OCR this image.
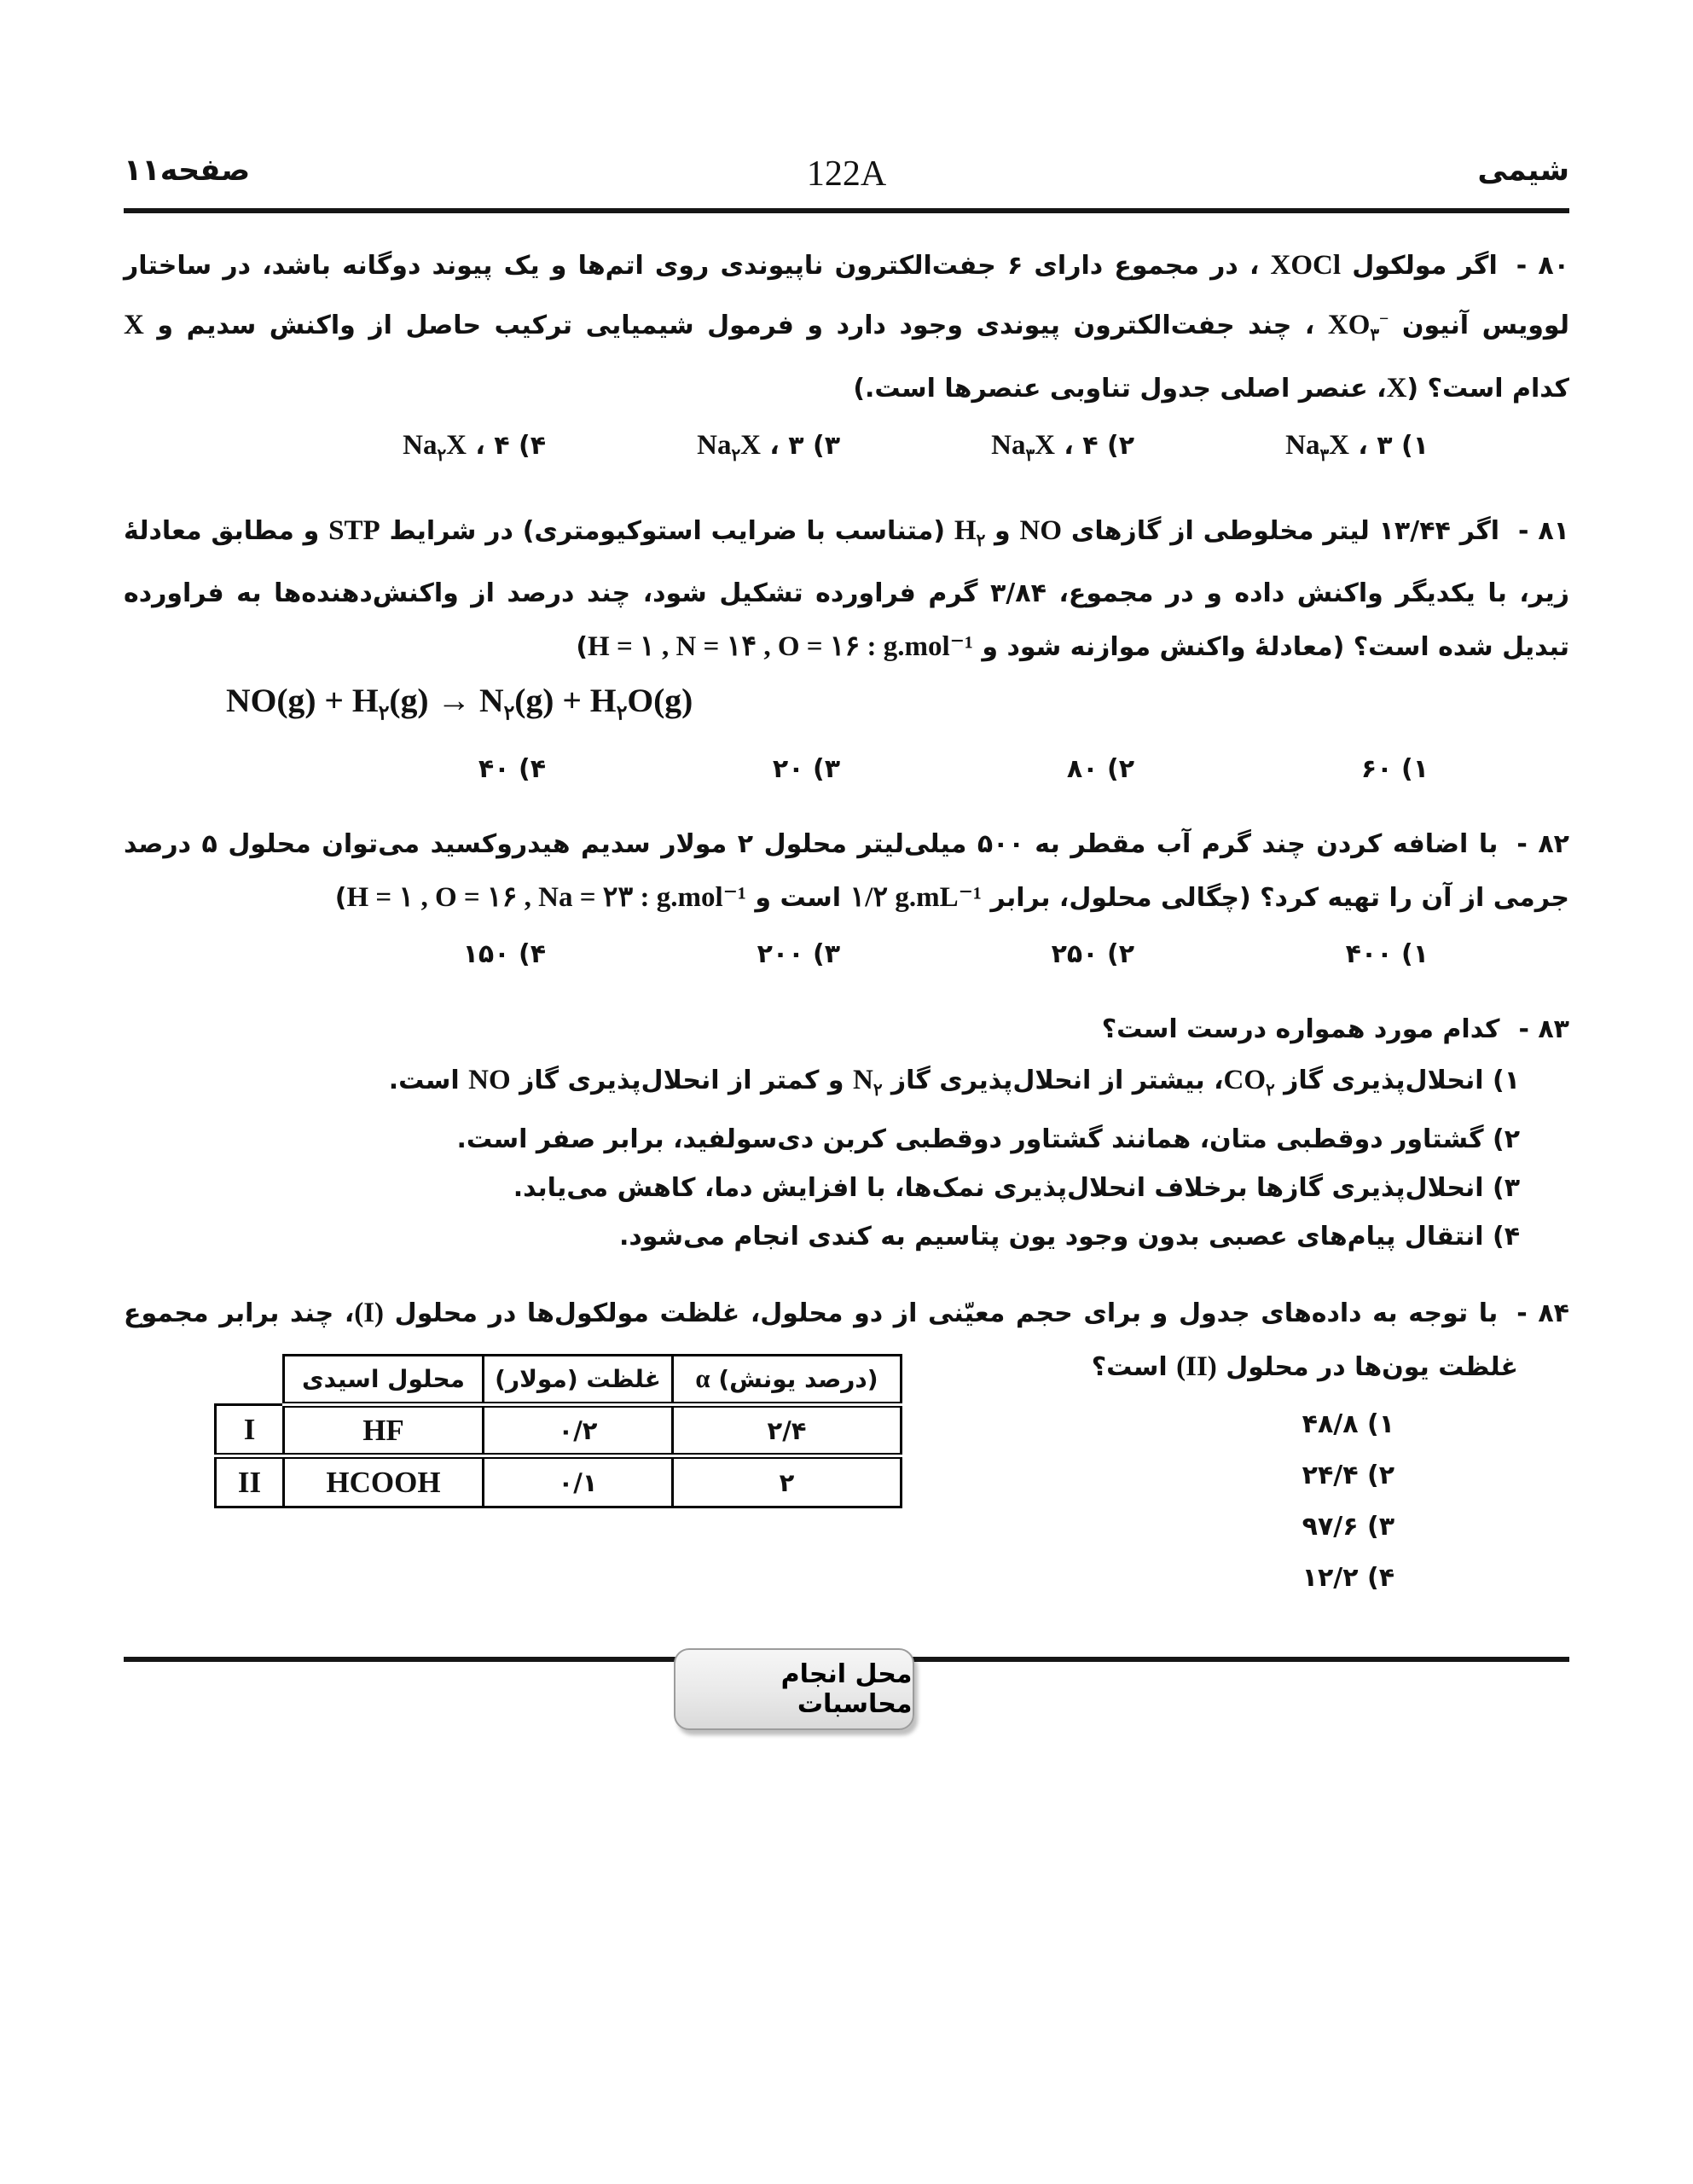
شیمی
122A
صفحه۱۱
۸۰ -اگر مولکول XOCl ، در مجموع دارای ۶ جفت‌الکترون ناپیوندی روی اتم‌ها و یک پیوند دوگانه باشد، در ساختار
لوویس آنیون $XO_۳^-$ ، چند جفت‌الکترون پیوندی وجود دارد و فرمول شیمیایی ترکیب حاصل از واکنش سدیم و X
کدام است؟ (X، عنصر اصلی جدول تناوبی عنصرها است.)
۱) ۳ ، $Na_۳X$
۲) ۴ ، $Na_۳X$
۳) ۳ ، $Na_۲X$
۴) ۴ ، $Na_۲X$
۸۱ -اگر ۱۳/۴۴ لیتر مخلوطی از گازهای NO و $H_۲$ (متناسب با ضرایب استوکیومتری) در شرایط STP و مطابق معادلهٔ
زیر، با یکدیگر واکنش داده و در مجموع، ۳/۸۴ گرم فراورده تشکیل شود، چند درصد از واکنش‌دهنده‌ها به فراورده
تبدیل شده است؟ (معادلهٔ واکنش موازنه شود و H = ۱ , N = ۱۴ , O = ۱۶ : g.mol⁻¹)
$NO(g) + H_۲(g) \to N_۲(g) + H_۲O(g)$
۱) ۶۰
۲) ۸۰
۳) ۲۰
۴) ۴۰
۸۲ -با اضافه کردن چند گرم آب مقطر به ۵۰۰ میلی‌لیتر محلول ۲ مولار سدیم هیدروکسید می‌توان محلول ۵ درصد
جرمی از آن را تهیه کرد؟ (چگالی محلول، برابر ۱/۲ g.mL⁻¹ است و H = ۱ , O = ۱۶ , Na = ۲۳ : g.mol⁻¹)
۱) ۴۰۰
۲) ۲۵۰
۳) ۲۰۰
۴) ۱۵۰
۸۳ -کدام مورد همواره درست است؟
۱) انحلال‌پذیری گاز $CO_۲،$ بیشتر از انحلال‌پذیری گاز $N_۲$ و کمتر از انحلال‌پذیری گاز NO است.
۲) گشتاور دوقطبی متان، همانند گشتاور دوقطبی کربن دی‌سولفید، برابر صفر است.
۳) انحلال‌پذیری گازها برخلاف انحلال‌پذیری نمک‌ها، با افزایش دما، کاهش می‌یابد.
۴) انتقال پیام‌های عصبی بدون وجود یون پتاسیم به کندی انجام می‌شود.
۸۴ -با توجه به داده‌های جدول و برای حجم معیّنی از دو محلول، غلظت مولکول‌ها در محلول (I)، چند برابر مجموع
غلظت یون‌ها در محلول (II) است؟
۱) ۴۸/۸
۲) ۲۴/۴
۳) ۹۷/۶
۴) ۱۲/۲
	محلول اسیدی	غلظت (مولار)	(درصد یونش) α
I	HF	۰/۲	۲/۴
II	HCOOH	۰/۱	۲
محل انجام محاسبات
